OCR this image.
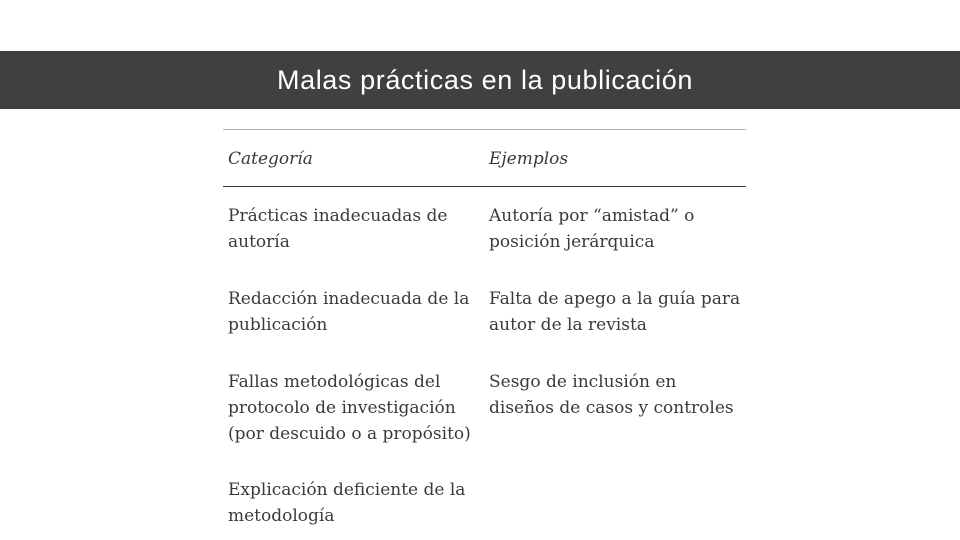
Malas prácticas en la publicación
Categoría	Ejemplos
Prácticas inadecuadas de autoría
Autoría por “amistad” o posición jerárquica
Redacción inadecuada de la publicación
Falta de apego a la guía para autor de la revista
Fallas metodológicas del protocolo de investigación (por descuido o a propósito)
Sesgo de inclusión en diseños de casos y controles
Explicación deficiente de la metodología
